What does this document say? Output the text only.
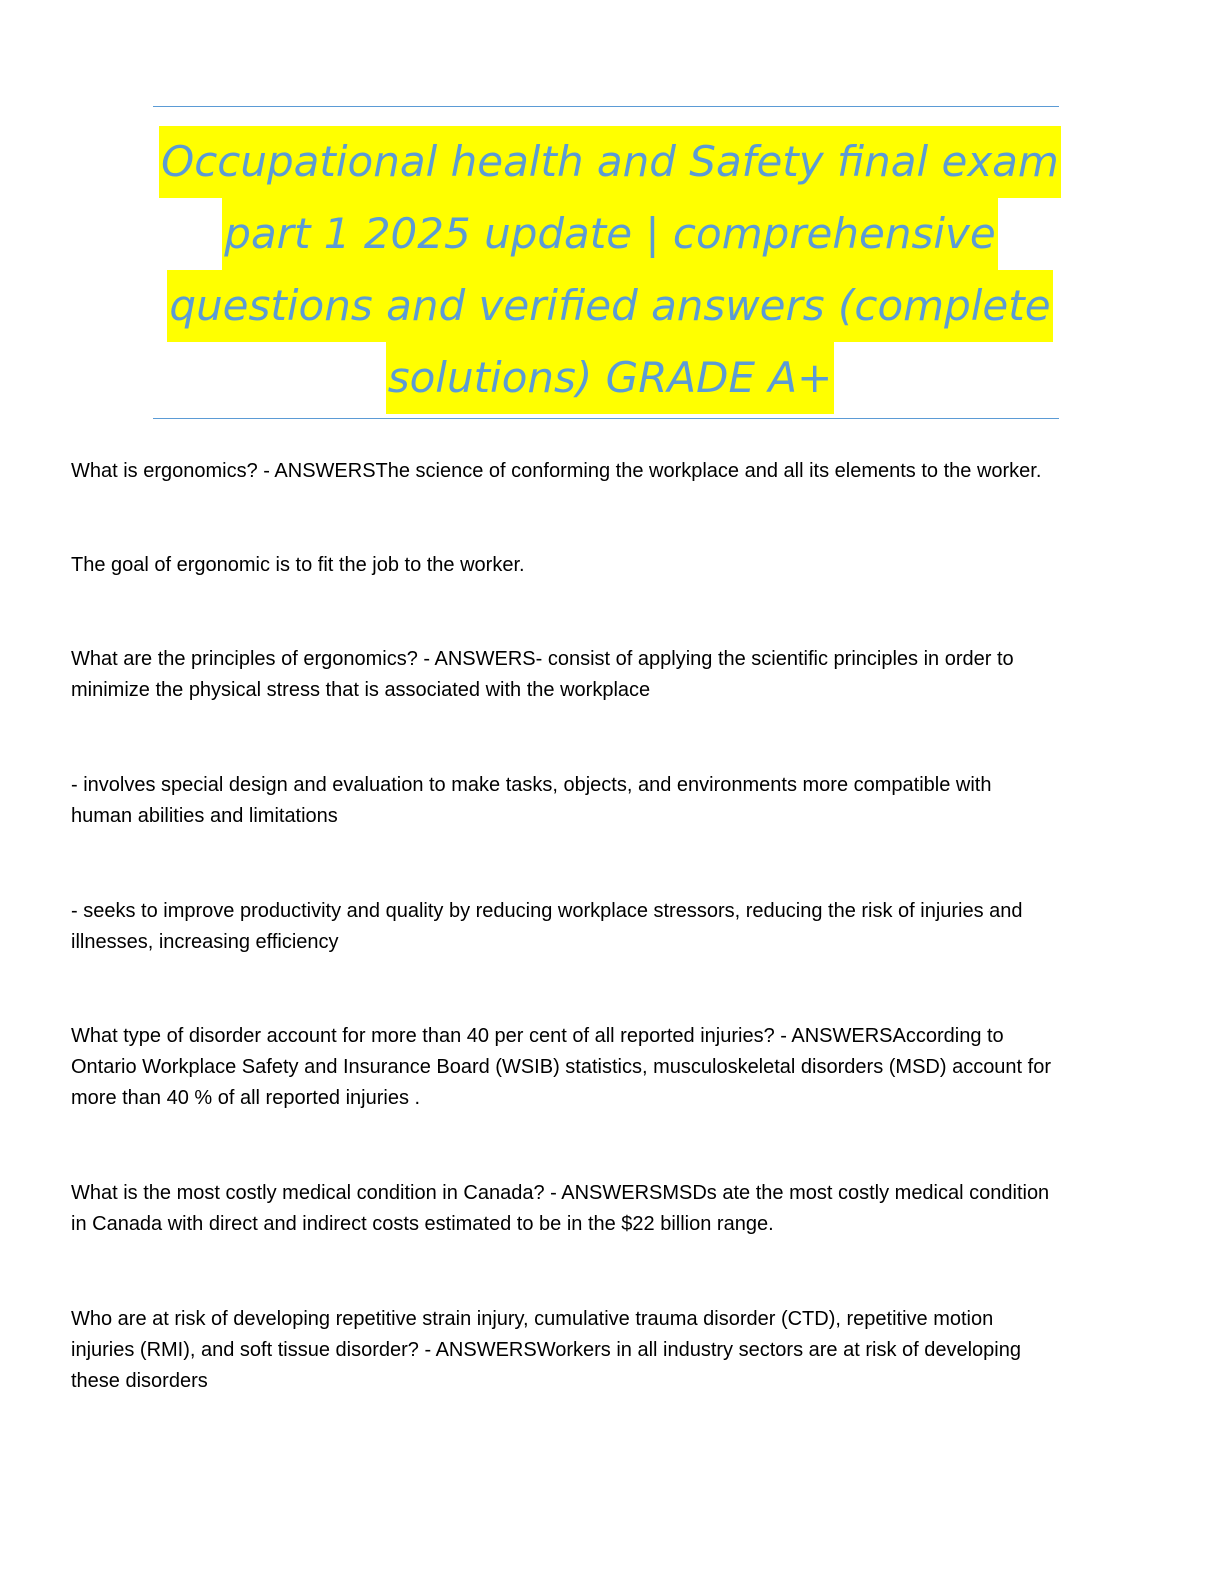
Occupational health and Safety final exam
part 1 2025 update | comprehensive
questions and verified answers (complete
solutions) GRADE A+
What is ergonomics? - ANSWERSThe science of conforming the workplace and all its elements to the worker.
The goal of ergonomic is to fit the job to the worker.
What are the principles of ergonomics? - ANSWERS- consist of applying the scientific principles in order to
minimize the physical stress that is associated with the workplace
- involves special design and evaluation to make tasks, objects, and environments more compatible with
human abilities and limitations
- seeks to improve productivity and quality by reducing workplace stressors, reducing the risk of injuries and
illnesses, increasing efficiency
What type of disorder account for more than 40 per cent of all reported injuries? - ANSWERSAccording to
Ontario Workplace Safety and Insurance Board (WSIB) statistics, musculoskeletal disorders (MSD) account for
more than 40 % of all reported injuries .
What is the most costly medical condition in Canada? - ANSWERSMSDs ate the most costly medical condition
in Canada with direct and indirect costs estimated to be in the $22 billion range.
Who are at risk of developing repetitive strain injury, cumulative trauma disorder (CTD), repetitive motion
injuries (RMI), and soft tissue disorder? - ANSWERSWorkers in all industry sectors are at risk of developing
these disorders
